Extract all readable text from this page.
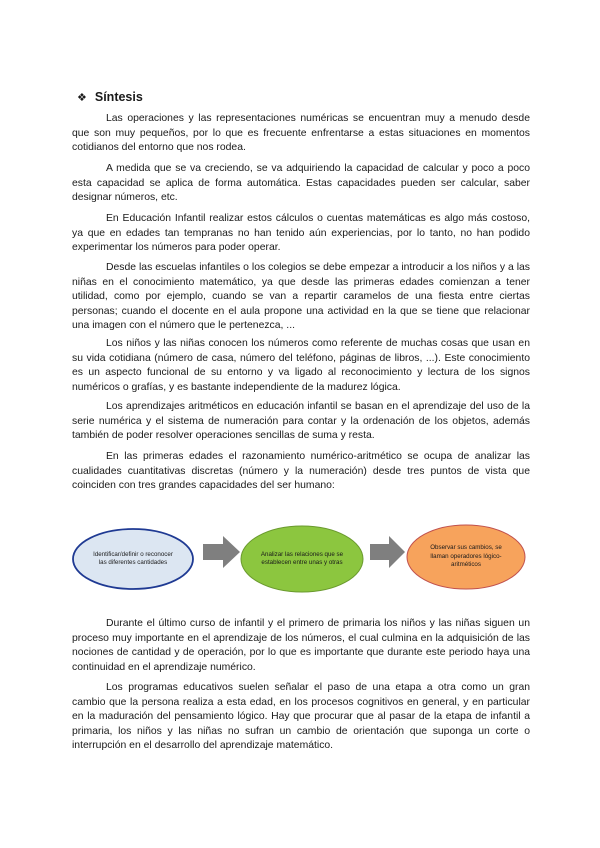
❖ Síntesis

Las operaciones y las representaciones numéricas se encuentran muy a menudo desde que son muy pequeños, por lo que es frecuente enfrentarse a estas situaciones en momentos cotidianos del entorno que nos rodea.

A medida que se va creciendo, se va adquiriendo la capacidad de calcular y poco a poco esta capacidad se aplica de forma automática. Estas capacidades pueden ser calcular, saber designar números, etc.

En Educación Infantil realizar estos cálculos o cuentas matemáticas es algo más costoso, ya que en edades tan tempranas no han tenido aún experiencias, por lo tanto, no han podido experimentar los números para poder operar.

Desde las escuelas infantiles o los colegios se debe empezar a introducir a los niños y a las niñas en el conocimiento matemático, ya que desde las primeras edades comienzan a tener utilidad, como por ejemplo, cuando se van a repartir caramelos de una fiesta entre ciertas personas; cuando el docente en el aula propone una actividad en la que se tiene que relacionar una imagen con el número que le pertenezca, ...

Los niños y las niñas conocen los números como referente de muchas cosas que usan en su vida cotidiana (número de casa, número del teléfono, páginas de libros, ...). Este conocimiento es un aspecto funcional de su entorno y va ligado al reconocimiento y lectura de los signos numéricos o grafías, y es bastante independiente de la madurez lógica.

Los aprendizajes aritméticos en educación infantil se basan en el aprendizaje del uso de la serie numérica y el sistema de numeración para contar y la ordenación de los objetos, además también de poder resolver operaciones sencillas de suma y resta.

En las primeras edades el razonamiento numérico-aritmético se ocupa de analizar las cualidades cuantitativas discretas (número y la numeración) desde tres puntos de vista que coinciden con tres grandes capacidades del ser humano:

Identificar/definir o reconocer las diferentes cantidades

Analizar las relaciones que se establecen entre unas y otras

Observar sus cambios, se llaman operadores lógico-aritméticos

Durante el último curso de infantil y el primero de primaria los niños y las niñas siguen un proceso muy importante en el aprendizaje de los números, el cual culmina en la adquisición de las nociones de cantidad y de operación, por lo que es importante que durante este periodo haya una continuidad en el aprendizaje numérico.

Los programas educativos suelen señalar el paso de una etapa a otra como un gran cambio que la persona realiza a esta edad, en los procesos cognitivos en general, y en particular en la maduración del pensamiento lógico. Hay que procurar que al pasar de la etapa de infantil a primaria, los niños y las niñas no sufran un cambio de orientación que suponga un corte o interrupción en el desarrollo del aprendizaje matemático.
